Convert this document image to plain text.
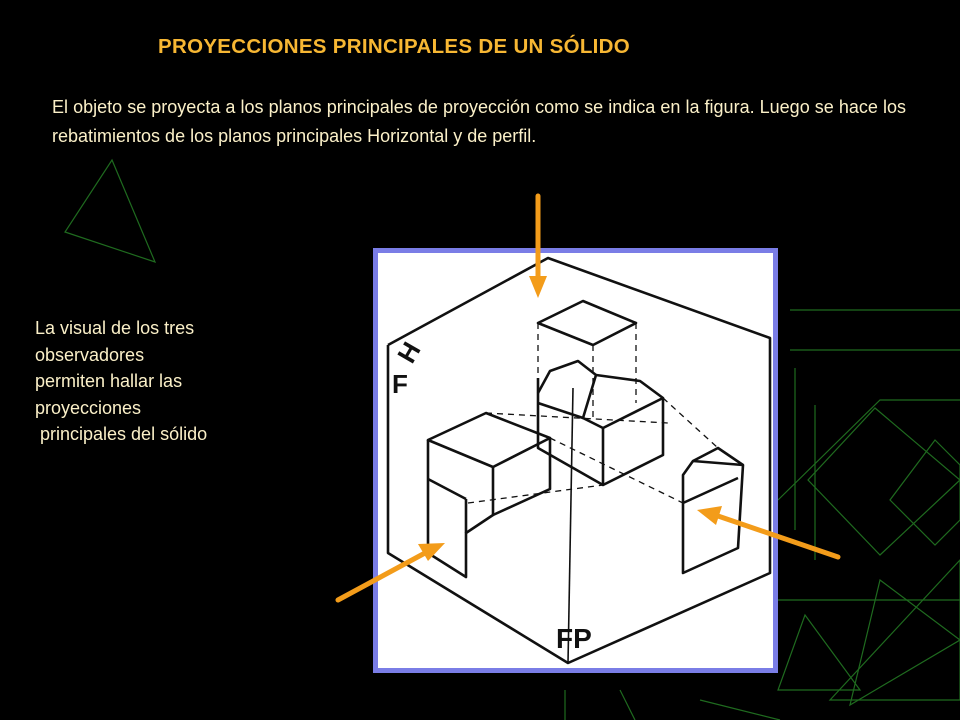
PROYECCIONES PRINCIPALES DE UN SÓLIDO
El objeto se proyecta a los planos principales de proyección como se indica en la figura. Luego se hace los rebatimientos de los planos principales Horizontal y de perfil.
La visual de los tres
observadores
permiten hallar las
proyecciones
principales del sólido
H
F
FP
